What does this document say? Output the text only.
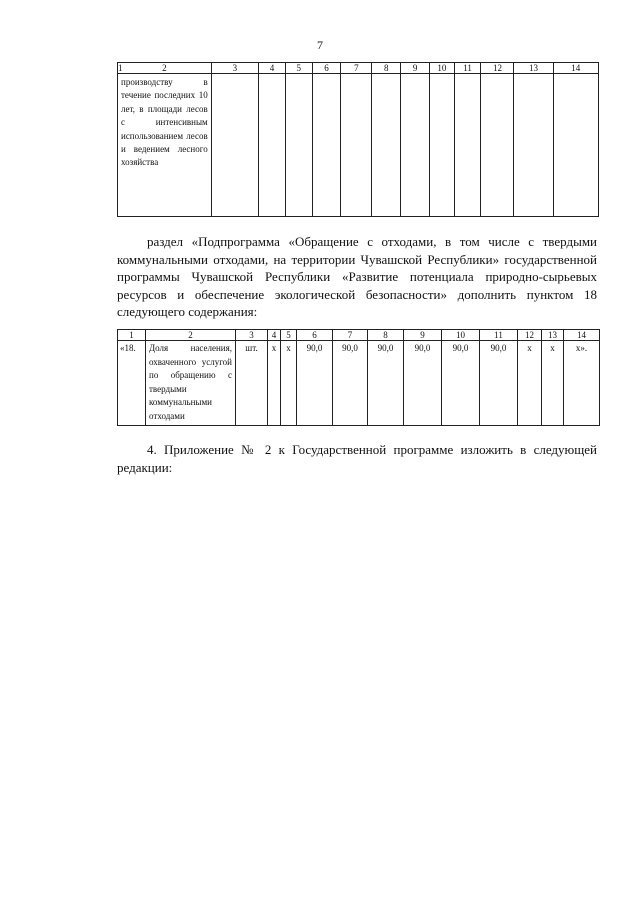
7
1	2	3	4	5	6	7	8	9	10	11	12	13	14
	производству в течение последних 10 лет, в площади лесов с интенсивным использованием лесов и ведением лесного хозяйства												
раздел «Подпрограмма «Обращение с отходами, в том числе с твердыми коммунальными отходами, на территории Чувашской Республики» государственной программы Чувашской Республики «Развитие потенциала природно-сырьевых ресурсов и обеспечение экологической безопасности» дополнить пунктом 18 следующего содержания:
1	2	3	4	5	6	7	8	9	10	11	12	13	14
«18.	Доля населения, охваченного услугой по обращению с твердыми коммунальными отходами	шт.	х	х	90,0	90,0	90,0	90,0	90,0	90,0	х	х	х».
4. Приложение № 2 к Государственной программе изложить в следующей редакции:
